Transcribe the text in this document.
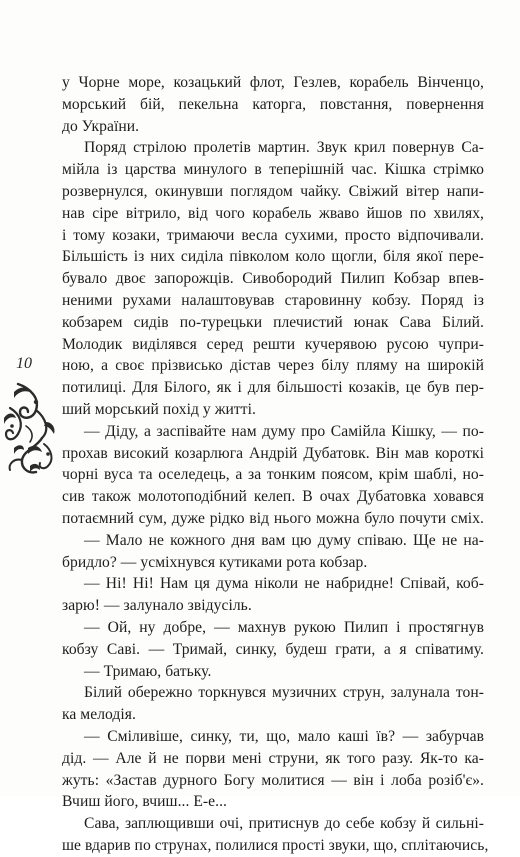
10
у Чорне море, козацький флот, Гезлев, корабель Вінченцо,
морський бій, пекельна каторга, повстання, повернення
до України.
Поряд стрілою пролетів мартин. Звук крил повернув Са-
мійла із царства минулого в теперішній час. Кішка стрімко
розвернулся, окинувши поглядом чайку. Свіжий вітер напи-
нав сіре вітрило, від чого корабель жваво йшов по хвилях,
і тому козаки, тримаючи весла сухими, просто відпочивали.
Більшість із них сиділа півколом коло щогли, біля якої пере-
бувало двоє запорожців. Сивобородий Пилип Кобзар впев-
неними рухами налаштовував старовинну кобзу. Поряд із
кобзарем сидів по-турецьки плечистий юнак Сава Білий.
Молодик виділявся серед решти кучерявою русою чупри-
ною, а своє прізвисько дістав через білу пляму на широкій
потилиці. Для Білого, як і для більшості козаків, це був пер-
ший морський похід у житті.
— Діду, а заспівайте нам думу про Самійла Кішку, — по-
прохав високий козарлюга Андрій Дубатовк. Він мав короткі
чорні вуса та оселедець, а за тонким поясом, крім шаблі, но-
сив також молотоподібний келеп. В очах Дубатовка ховався
потаємний сум, дуже рідко від нього можна було почути сміх.
— Мало не кожного дня вам цю думу співаю. Ще не на-
бридло? — усміхнувся кутиками рота кобзар.
— Ні! Ні! Нам ця дума ніколи не набридне! Співай, коб-
зарю! — залунало звідусіль.
— Ой, ну добре, — махнув рукою Пилип і простягнув
кобзу Саві. — Тримай, синку, будеш грати, а я співатиму.
— Тримаю, батьку.
Білий обережно торкнувся музичних струн, залунала тон-
ка мелодія.
— Сміливіше, синку, ти, що, мало каші їв? — забурчав
дід. — Але й не порви мені струни, як того разу. Як-то ка-
жуть: «Застав дурного Богу молитися — він і лоба розіб'є».
Вчиш його, вчиш... Е-е...
Сава, заплющивши очі, притиснув до себе кобзу й сильні-
ше вдарив по струнах, полилися прості звуки, що, сплітаючись,
